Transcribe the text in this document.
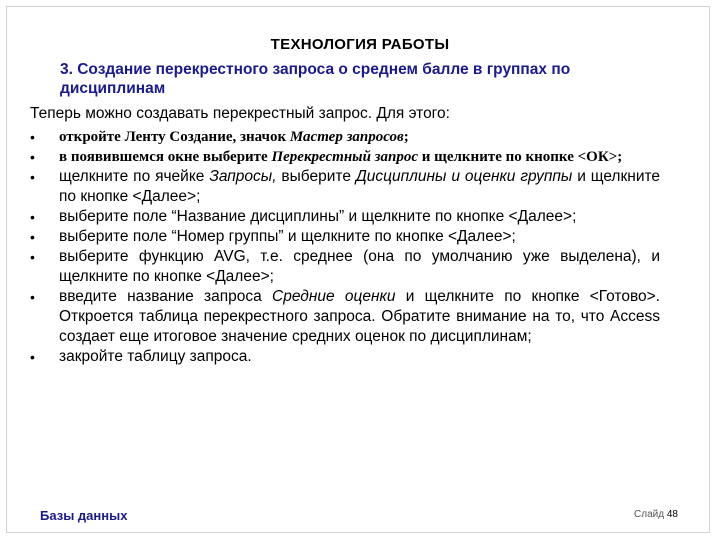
ТЕХНОЛОГИЯ РАБОТЫ
3. Создание перекрестного запроса о среднем балле в группах по дисциплинам
Теперь можно создавать перекрестный запрос. Для этого:
• откройте Ленту Создание, значок Мастер запросов;
• в появившемся окне выберите Перекрестный запрос и щелкните по кнопке <ОК>;
• щелкните по ячейке Запросы, выберите Дисциплины и оценки группы и щелкните по кнопке <Далее>;
• выберите поле “Название дисциплины” и щелкните по кнопке <Далее>;
• выберите поле “Номер группы” и щелкните по кнопке <Далее>;
• выберите функцию AVG, т.е. среднее (она по умолчанию уже выделена), и щелкните по кнопке <Далее>;
• введите название запроса Средние оценки и щелкните по кнопке <Готово>. Откроется таблица перекрестного запроса. Обратите внимание на то, что Access создает еще итоговое значение средних оценок по дисциплинам;
• закройте таблицу запроса.
Базы данных	Слайд 48
